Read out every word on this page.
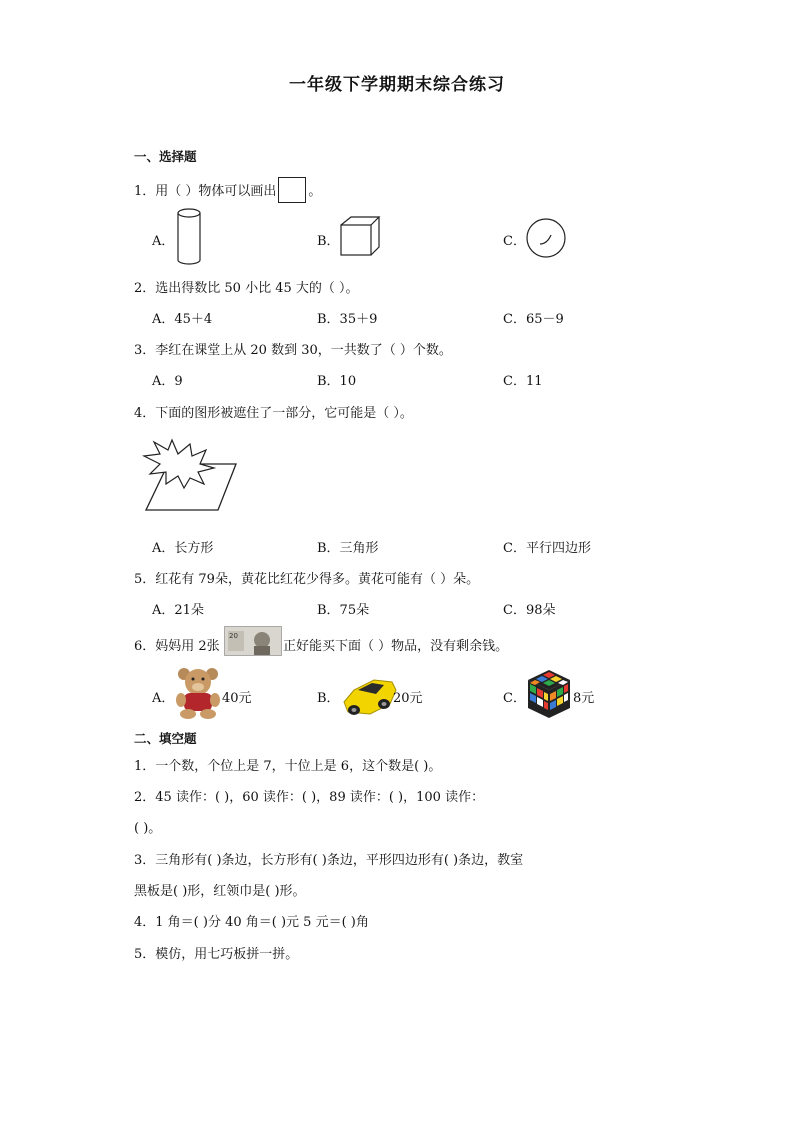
一年级下学期期末综合练习
一、选择题
1．用（ ）物体可以画出 。
A．	B．	C．
2．选出得数比 50 小比 45 大的（ ）。
A．45＋4	B．35＋9	C．65－9
3．李红在课堂上从 20 数到 30，一共数了（ ）个数。
A．9	B．10	C．11
4．下面的图形被遮住了一部分，它可能是（ ）。
A．长方形	B．三角形	C．平行四边形
5．红花有 79朵，黄花比红花少得多。黄花可能有（ ）朵。
A．21朵	B．75朵	C．98朵
6．妈妈用 2张
20
正好能买下面（ ）物品，没有剩余钱。
A．	40元	B．	20元	C．	8元
二、填空题
1．一个数，个位上是 7，十位上是 6，这个数是( )。
2．45 读作：( )，60 读作：( )，89 读作：( )，100 读作：
( )。
3．三角形有( )条边，长方形有( )条边，平形四边形有( )条边，教室
黑板是( )形，红领巾是( )形。
4．1 角＝( )分 40 角＝( )元 5 元＝( )角
5．模仿，用七巧板拼一拼。
